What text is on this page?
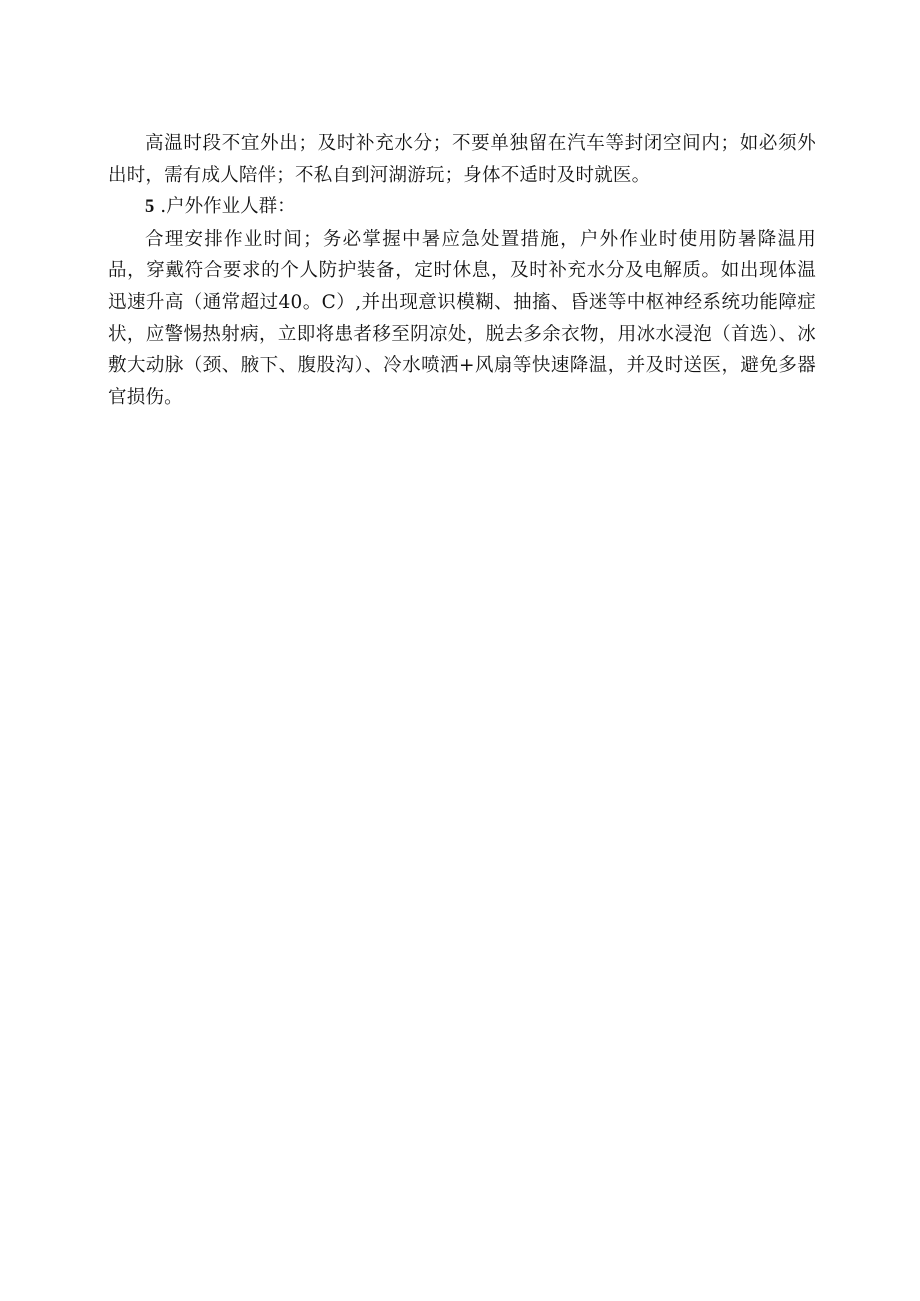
高温时段不宜外出；及时补充水分；不要单独留在汽车等封闭空间内；如必须外出时，需有成人陪伴；不私自到河湖游玩；身体不适时及时就医。

5 .户外作业人群：

合理安排作业时间；务必掌握中暑应急处置措施，户外作业时使用防暑降温用品，穿戴符合要求的个人防护装备，定时休息，及时补充水分及电解质。如出现体温迅速升高（通常超过40。C）,并出现意识模糊、抽搐、昏迷等中枢神经系统功能障症状，应警惕热射病，立即将患者移至阴凉处，脱去多余衣物，用冰水浸泡（首选）、冰敷大动脉（颈、腋下、腹股沟）、冷水喷洒+风扇等快速降温，并及时送医，避免多器官损伤。
